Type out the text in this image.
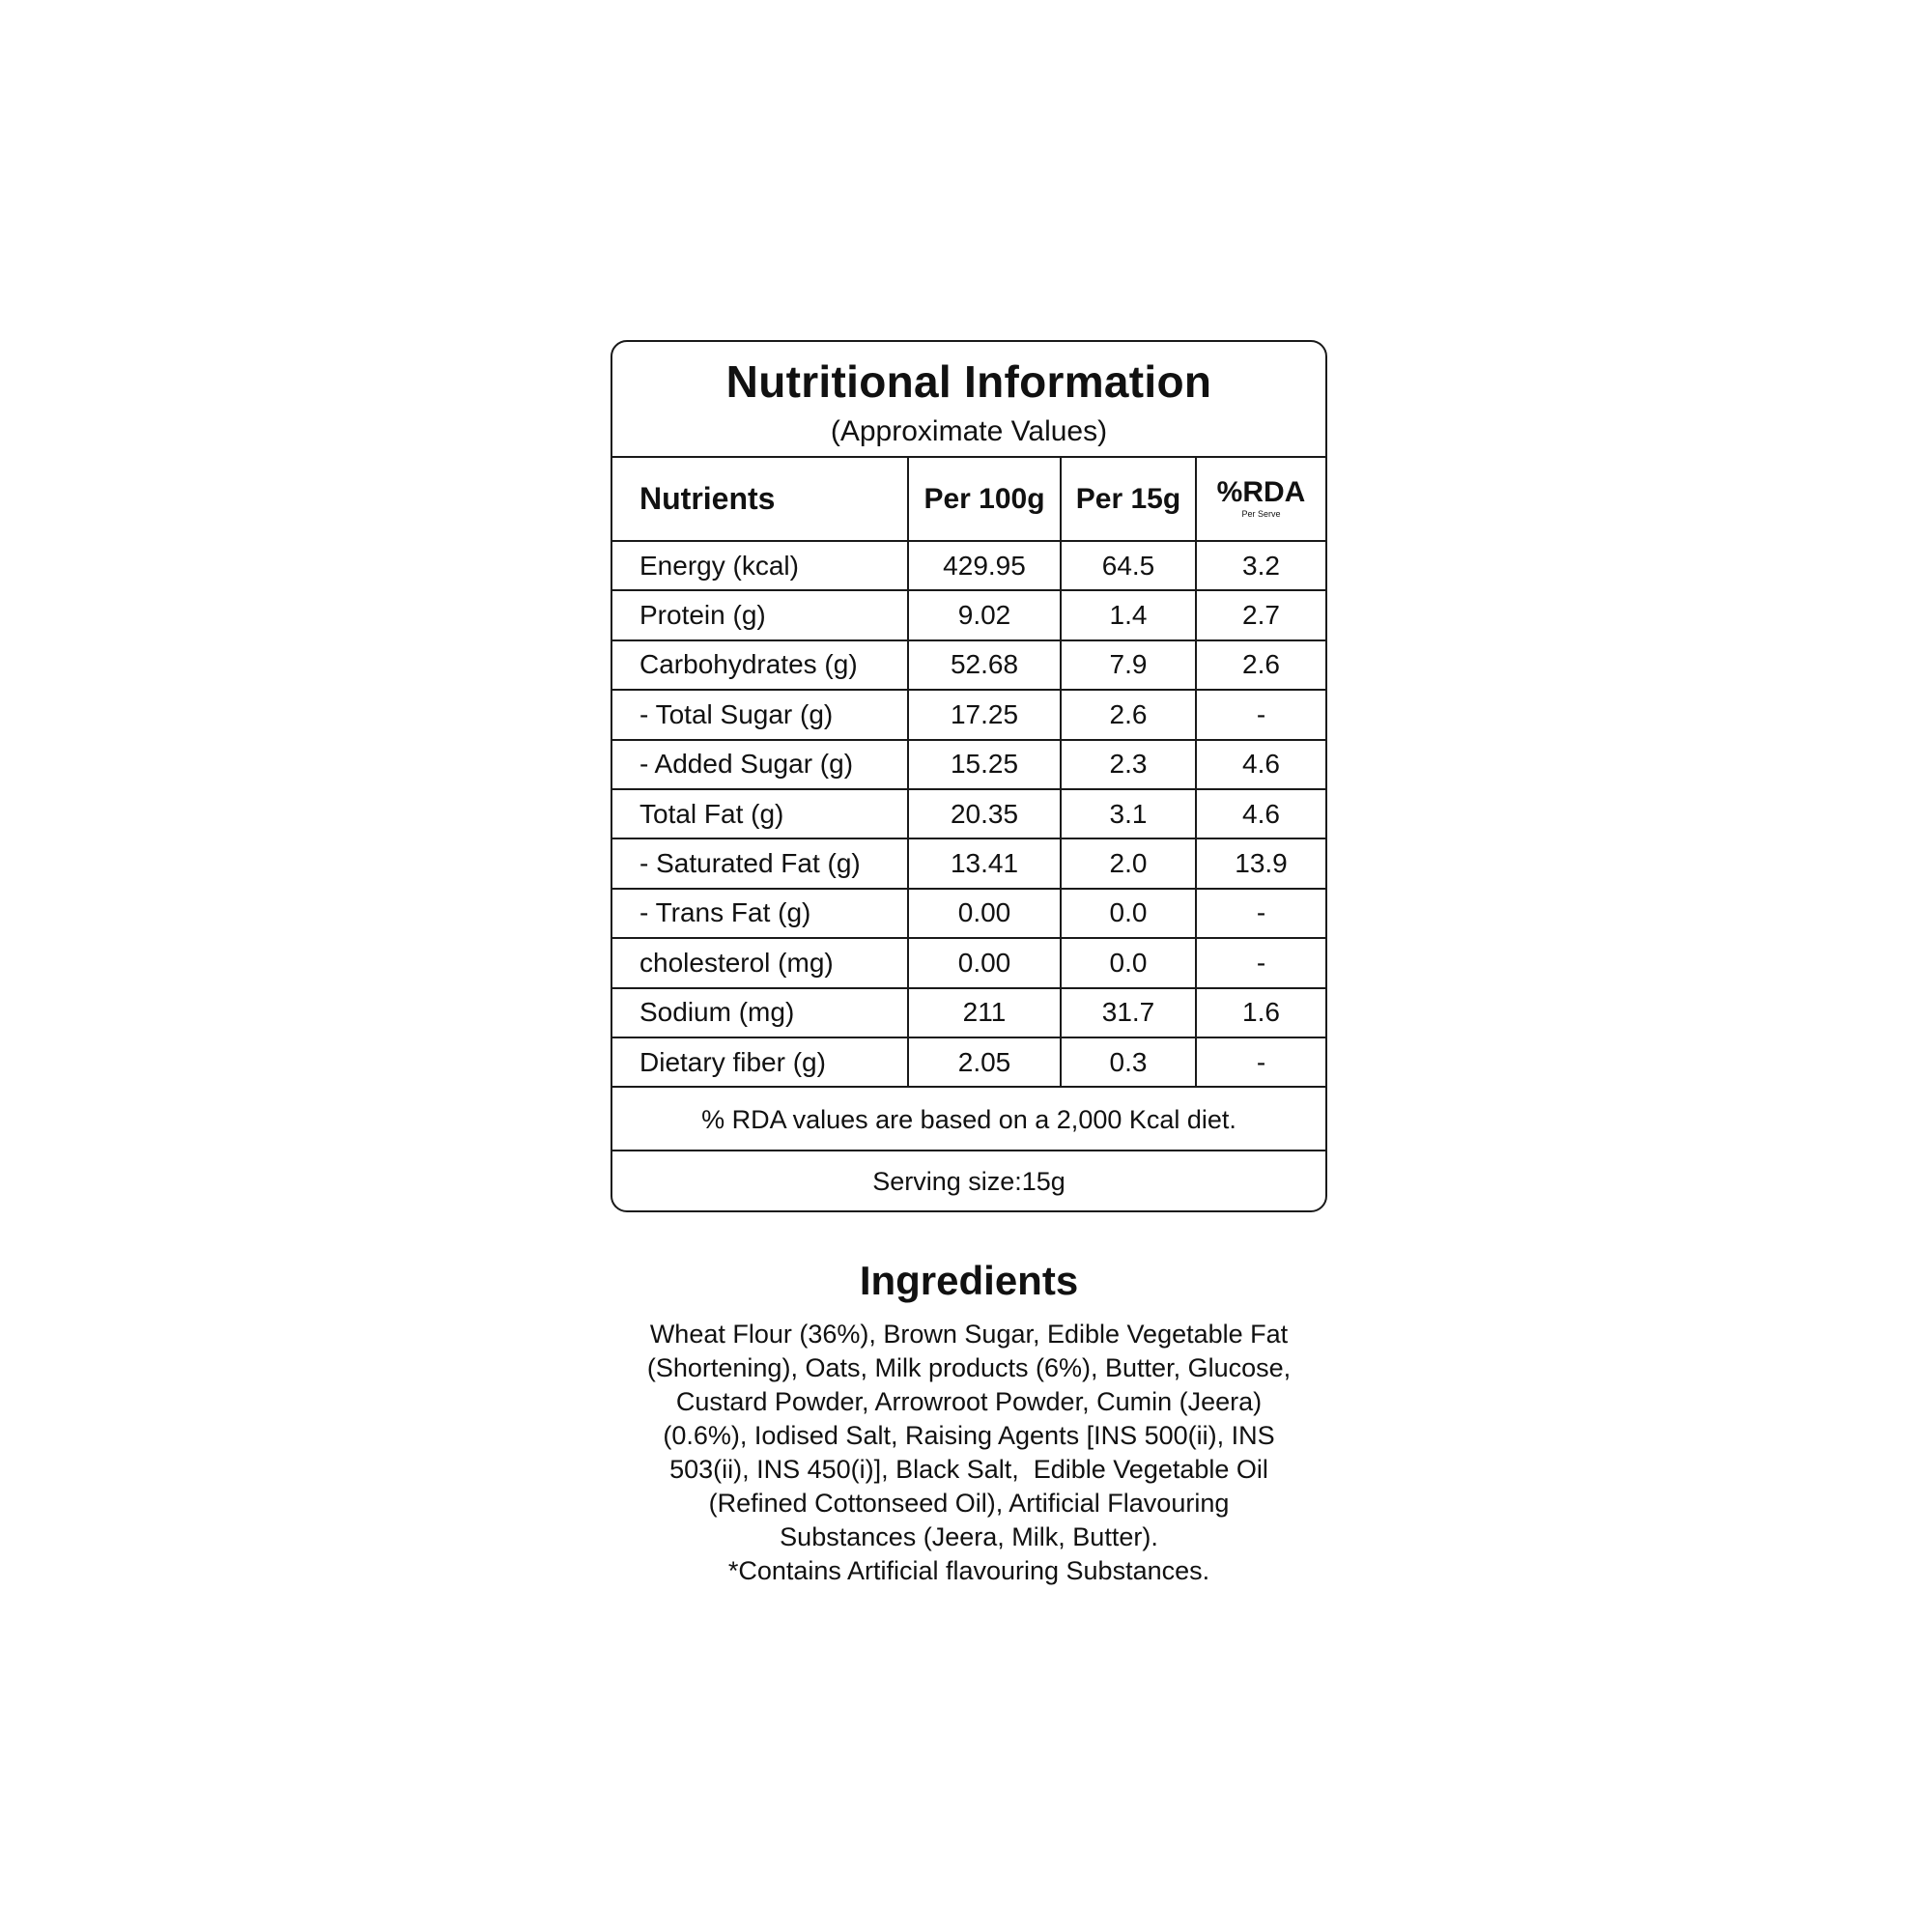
Nutritional Information
(Approximate Values)
Nutrients	Per 100g	Per 15g	%RDA
Per Serve

Energy (kcal)	429.95	64.5	3.2
Protein (g)	9.02	1.4	2.7
Carbohydrates (g)	52.68	7.9	2.6
- Total Sugar (g)	17.25	2.6	-
- Added Sugar (g)	15.25	2.3	4.6
Total Fat (g)	20.35	3.1	4.6
- Saturated Fat (g)	13.41	2.0	13.9
- Trans Fat (g)	0.00	0.0	-
cholesterol (mg)	0.00	0.0	-
Sodium (mg)	211	31.7	1.6
Dietary fiber (g)	2.05	0.3	-
% RDA values are based on a 2,000 Kcal diet.
Serving size:15g
Ingredients
Wheat Flour (36%), Brown Sugar, Edible Vegetable Fat
(Shortening), Oats, Milk products (6%), Butter, Glucose,
Custard Powder, Arrowroot Powder, Cumin (Jeera)
(0.6%), Iodised Salt, Raising Agents [INS 500(ii), INS
503(ii), INS 450(i)], Black Salt,  Edible Vegetable Oil
(Refined Cottonseed Oil), Artificial Flavouring
Substances (Jeera, Milk, Butter).
*Contains Artificial flavouring Substances.
